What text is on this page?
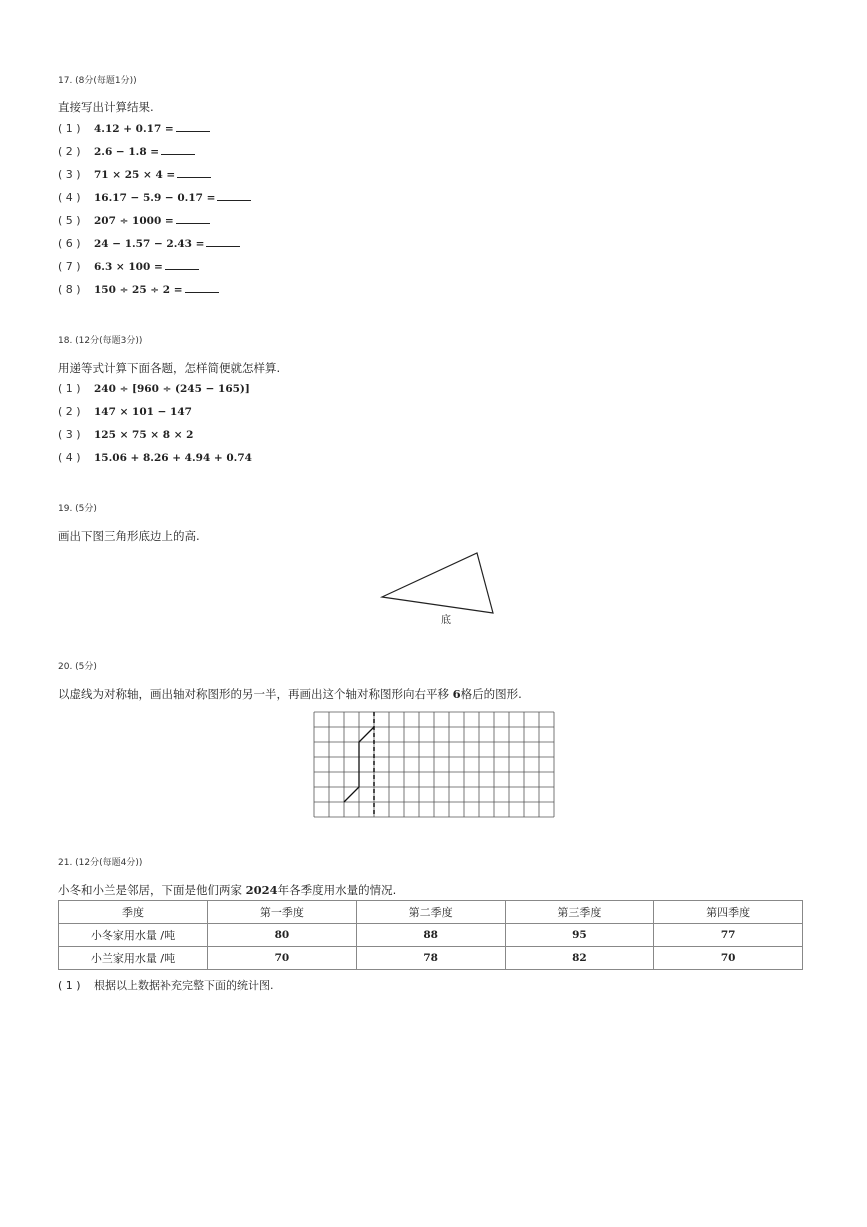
17. (8分(每题1分))
直接写出计算结果.
( 1 ) 4.12 + 0.17 =
( 2 ) 2.6 − 1.8 =
( 3 ) 71 × 25 × 4 =
( 4 ) 16.17 − 5.9 − 0.17 =
( 5 ) 207 ÷ 1000 =
( 6 ) 24 − 1.57 − 2.43 =
( 7 ) 6.3 × 100 =
( 8 ) 150 ÷ 25 ÷ 2 =
18. (12分(每题3分))
用递等式计算下面各题，怎样简便就怎样算.
( 1 ) 240 ÷ [960 ÷ (245 − 165)]
( 2 ) 147 × 101 − 147
( 3 ) 125 × 75 × 8 × 2
( 4 ) 15.06 + 8.26 + 4.94 + 0.74
19. (5分)
画出下图三角形底边上的高.
底
20. (5分)
以虚线为对称轴，画出轴对称图形的另一半，再画出这个轴对称图形向右平移 6格后的图形.
21. (12分(每题4分))
小冬和小兰是邻居，下面是他们两家 2024年各季度用水量的情况.
季度	第一季度	第二季度	第三季度	第四季度
小冬家用水量 /吨	80	88	95	77
小兰家用水量 /吨	70	78	82	70
( 1 ) 根据以上数据补充完整下面的统计图.
